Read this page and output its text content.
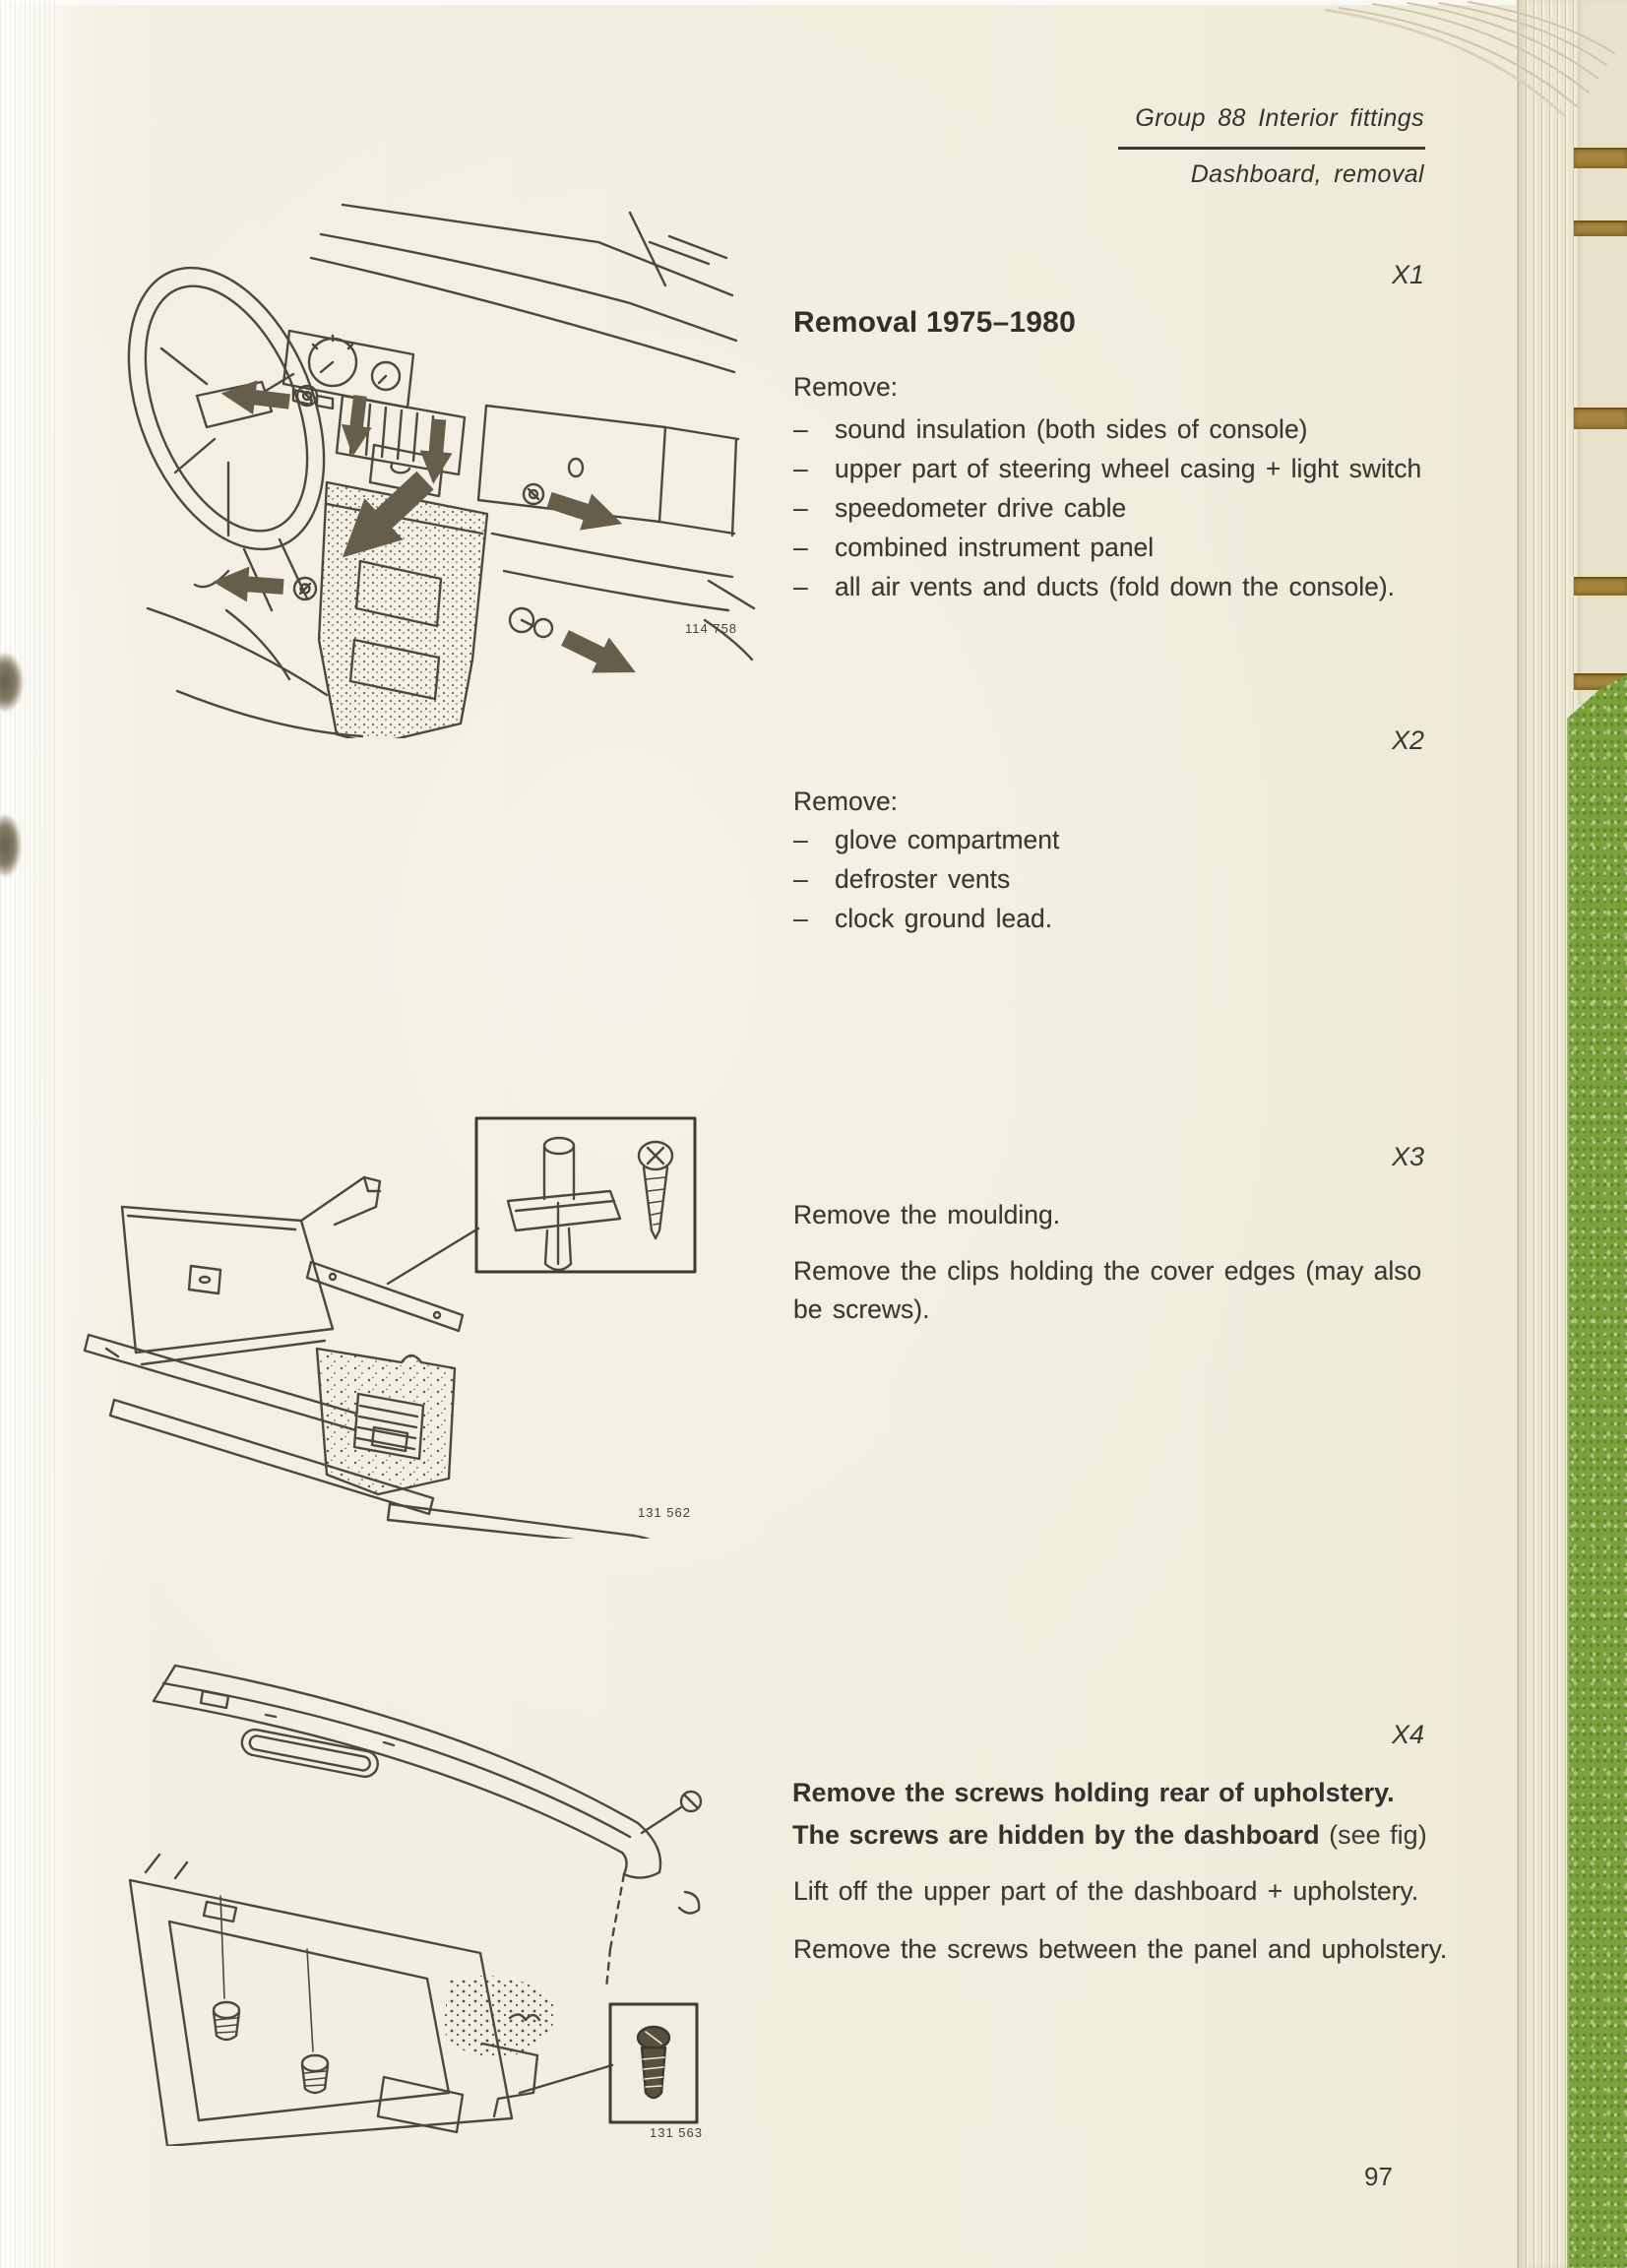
Group 88 Interior fittings
Dashboard, removal
114 758
X1
Removal 1975–1980
Remove:
–	sound insulation (both sides of console)
–	upper part of steering wheel casing + light switch
–	speedometer drive cable
–	combined instrument panel
–	all air vents and ducts (fold down the console).
X2
Remove:
–	glove compartment
–	defroster vents
–	clock ground lead.
131 562
X3
Remove the moulding.
Remove the clips holding the cover edges (may also be screws).
X4
Remove the screws holding rear of upholstery. The screws are hidden by the dashboard (see fig)
Lift off the upper part of the dashboard + upholstery.
Remove the screws between the panel and upholstery.
131 563
97
